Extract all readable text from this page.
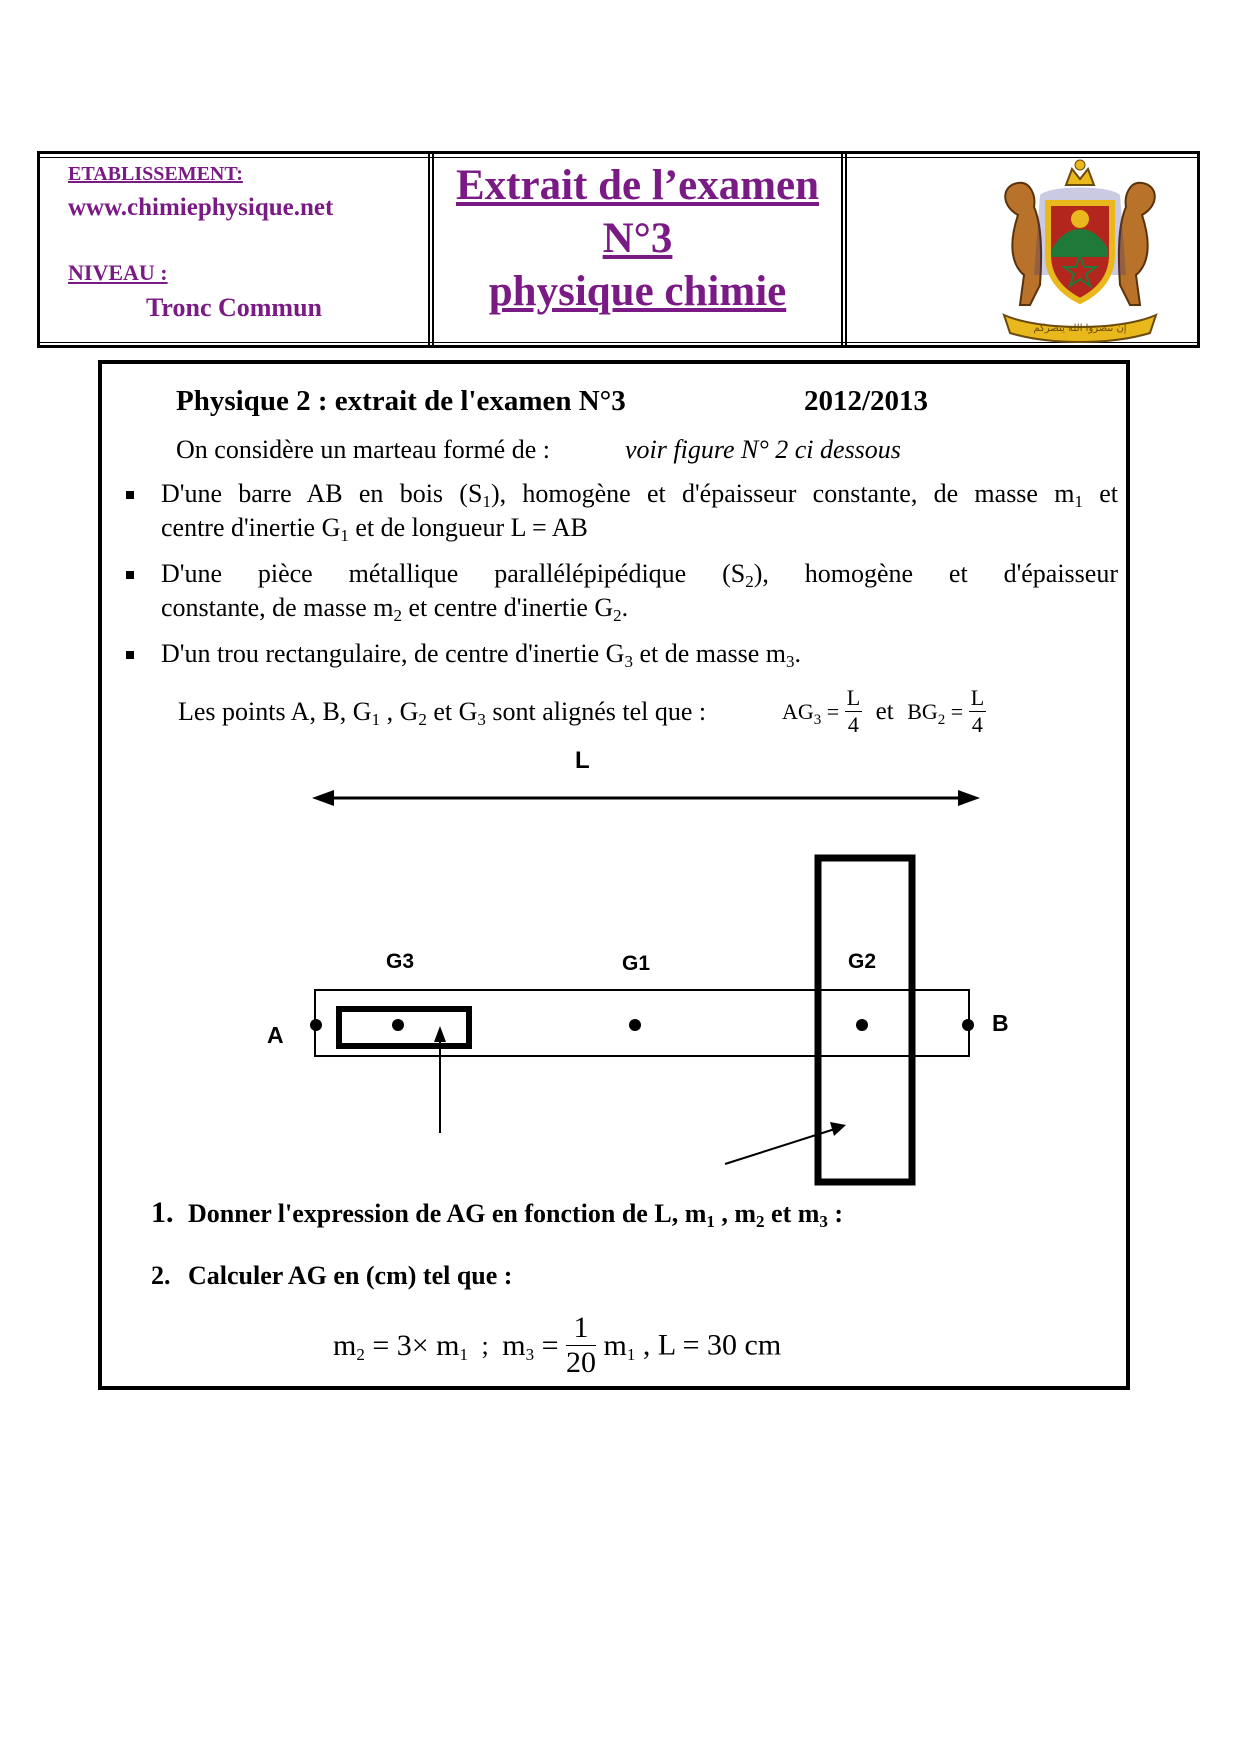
ETABLISSEMENT:
www.chimiephysique.net
NIVEAU :
Tronc Commun
Extrait de l’examen
N°3
physique chimie
إن تنصروا الله ينصركم
Physique 2 : extrait de l'examen N°3	2012/2013
On considère un marteau formé de :	voir figure N° 2 ci dessous
D'une barre AB en bois $(S_1)$, homogène et d'épaisseur constante, de masse $m_1$ et
centre d'inertie $G_1$ et de longueur L = AB
D'une pièce métallique parallélépipédique $(S_2)$, homogène et d'épaisseur
constante, de masse $m_2$ et centre d'inertie $G_2$.
D'un trou rectangulaire, de centre d'inertie $G_3$ et de masse $m_3$.
Les points A, B, $G_1$ , $G_2$ et $G_3$ sont alignés tel que :	$AG_3 = \frac{L}{4}$ et $BG_2 = \frac{L}{4}$
L
G3	G1	G2
A	B
1. Donner l'expression de AG en fonction de L, $m_1$ , $m_2$ et $m_3$ :
2. Calculer AG en (cm) tel que :
$m_2 = 3\times m_1$ ; $m_3 = \frac{1}{20} m_1$ , L = 30 cm
